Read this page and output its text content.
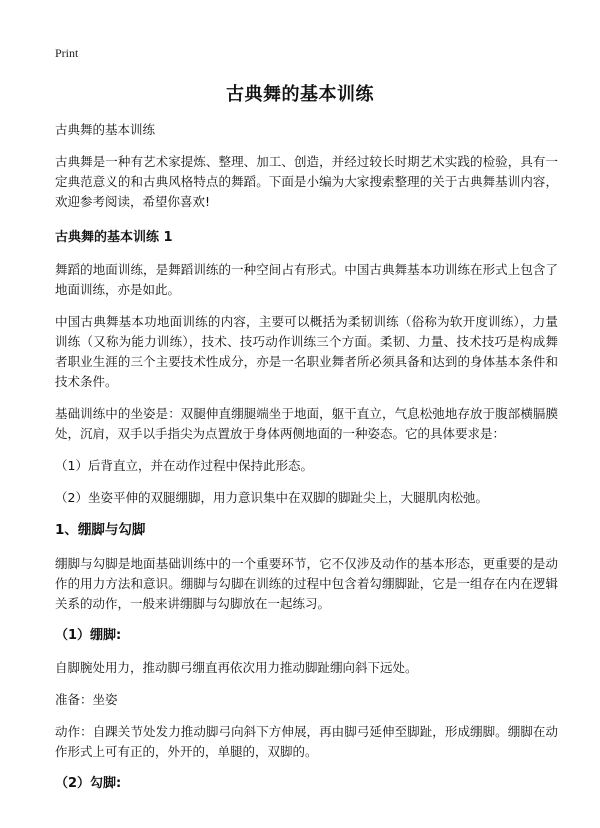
Print
古典舞的基本训练

古典舞的基本训练

古典舞是一种有艺术家提炼、整理、加工、创造，并经过较长时期艺术实践的检验，具有一定典范意义的和古典风格特点的舞蹈。下面是小编为大家搜索整理的关于古典舞基训内容，欢迎参考阅读，希望你喜欢!

古典舞的基本训练 1

舞蹈的地面训练，是舞蹈训练的一种空间占有形式。中国古典舞基本功训练在形式上包含了地面训练，亦是如此。

中国古典舞基本功地面训练的内容，主要可以概括为柔韧训练（俗称为软开度训练），力量训练（又称为能力训练），技术、技巧动作训练三个方面。柔韧、力量、技术技巧是构成舞者职业生涯的三个主要技术性成分，亦是一名职业舞者所必须具备和达到的身体基本条件和技术条件。

基础训练中的坐姿是：双腿伸直绷腿端坐于地面，躯干直立，气息松弛地存放于腹部横膈膜处，沉肩，双手以手指尖为点置放于身体两侧地面的一种姿态。它的具体要求是：

（1）后背直立，并在动作过程中保持此形态。

（2）坐姿平伸的双腿绷脚，用力意识集中在双脚的脚趾尖上，大腿肌肉松弛。

1、绷脚与勾脚

绷脚与勾脚是地面基础训练中的一个重要环节，它不仅涉及动作的基本形态，更重要的是动作的用力方法和意识。绷脚与勾脚在训练的过程中包含着勾绷脚趾，它是一组存在内在逻辑关系的动作，一般来讲绷脚与勾脚放在一起练习。

（1）绷脚:

自脚腕处用力，推动脚弓绷直再依次用力推动脚趾绷向斜下远处。

准备：坐姿

动作：自踝关节处发力推动脚弓向斜下方伸展，再由脚弓延伸至脚趾，形成绷脚。绷脚在动作形式上可有正的，外开的，单腿的，双脚的。

（2）勾脚:
